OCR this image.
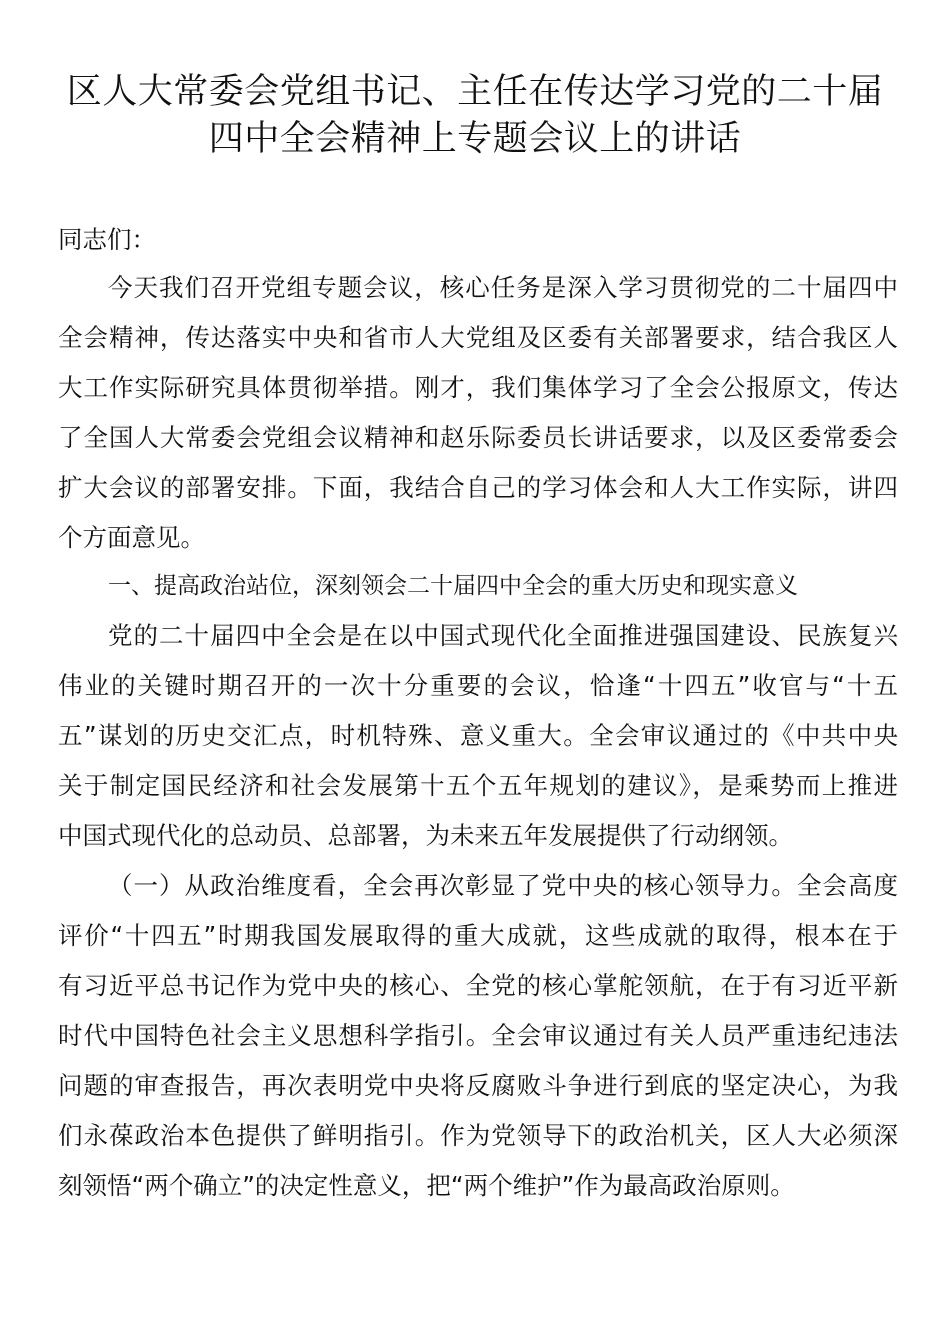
区人大常委会党组书记、主任在传达学习党的二十届
四中全会精神上专题会议上的讲话
同志们：
今天我们召开党组专题会议，核心任务是深入学习贯彻党的二十届四中
全会精神，传达落实中央和省市人大党组及区委有关部署要求，结合我区人
大工作实际研究具体贯彻举措。刚才，我们集体学习了全会公报原文，传达
了全国人大常委会党组会议精神和赵乐际委员长讲话要求，以及区委常委会
扩大会议的部署安排。下面，我结合自己的学习体会和人大工作实际，讲四
个方面意见。
一、提高政治站位，深刻领会二十届四中全会的重大历史和现实意义
党的二十届四中全会是在以中国式现代化全面推进强国建设、民族复兴
伟业的关键时期召开的一次十分重要的会议，恰逢“十四五”收官与“十五
五”谋划的历史交汇点，时机特殊、意义重大。全会审议通过的《中共中央
关于制定国民经济和社会发展第十五个五年规划的建议》，是乘势而上推进
中国式现代化的总动员、总部署，为未来五年发展提供了行动纲领。
（一）从政治维度看，全会再次彰显了党中央的核心领导力。全会高度
评价“十四五”时期我国发展取得的重大成就，这些成就的取得，根本在于
有习近平总书记作为党中央的核心、全党的核心掌舵领航，在于有习近平新
时代中国特色社会主义思想科学指引。全会审议通过有关人员严重违纪违法
问题的审查报告，再次表明党中央将反腐败斗争进行到底的坚定决心，为我
们永葆政治本色提供了鲜明指引。作为党领导下的政治机关，区人大必须深
刻领悟“两个确立”的决定性意义，把“两个维护”作为最高政治原则。
